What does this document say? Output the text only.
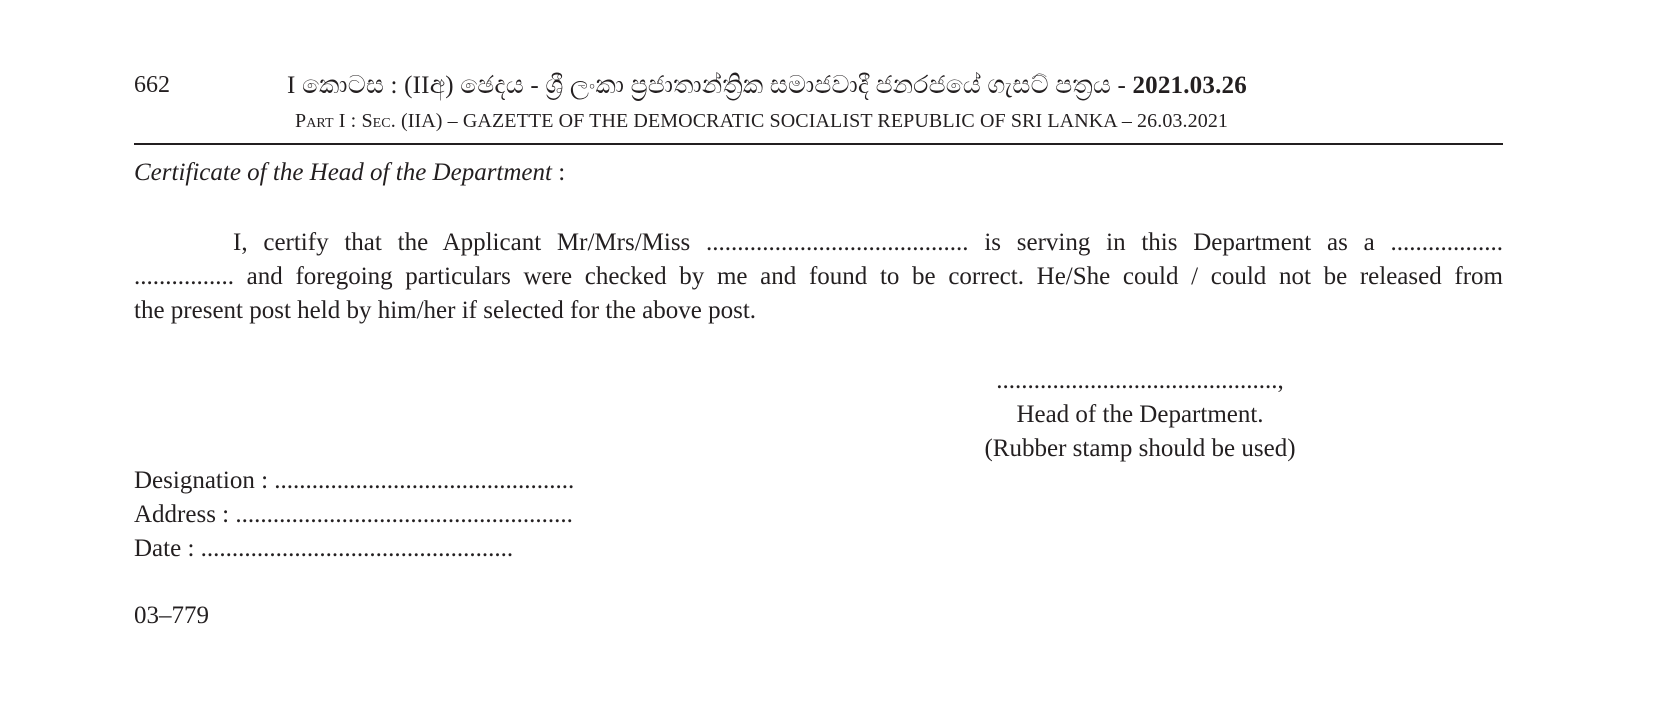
662	I කොටස : (IIඅ) ඡෙදය - ශ්‍රී ලංකා ප්‍රජාතාන්ත්‍රික සමාජවාදී ජනරජයේ ගැසට් පත්‍රය - 2021.03.26
Part I : Sec. (IIA) – GAZETTE OF THE DEMOCRATIC SOCIALIST REPUBLIC OF SRI LANKA – 26.03.2021
Certificate of the Head of the Department :
I, certify that the Applicant Mr/Mrs/Miss .......................................... is serving in this Department as a ..................
................ and foregoing particulars were checked by me and found to be correct. He/She could / could not be released from
the present post held by him/her if selected for the above post.
.............................................,
Head of the Department.
(Rubber stamp should be used)
Designation : ................................................
Address : ......................................................
Date : ..................................................
03–779
